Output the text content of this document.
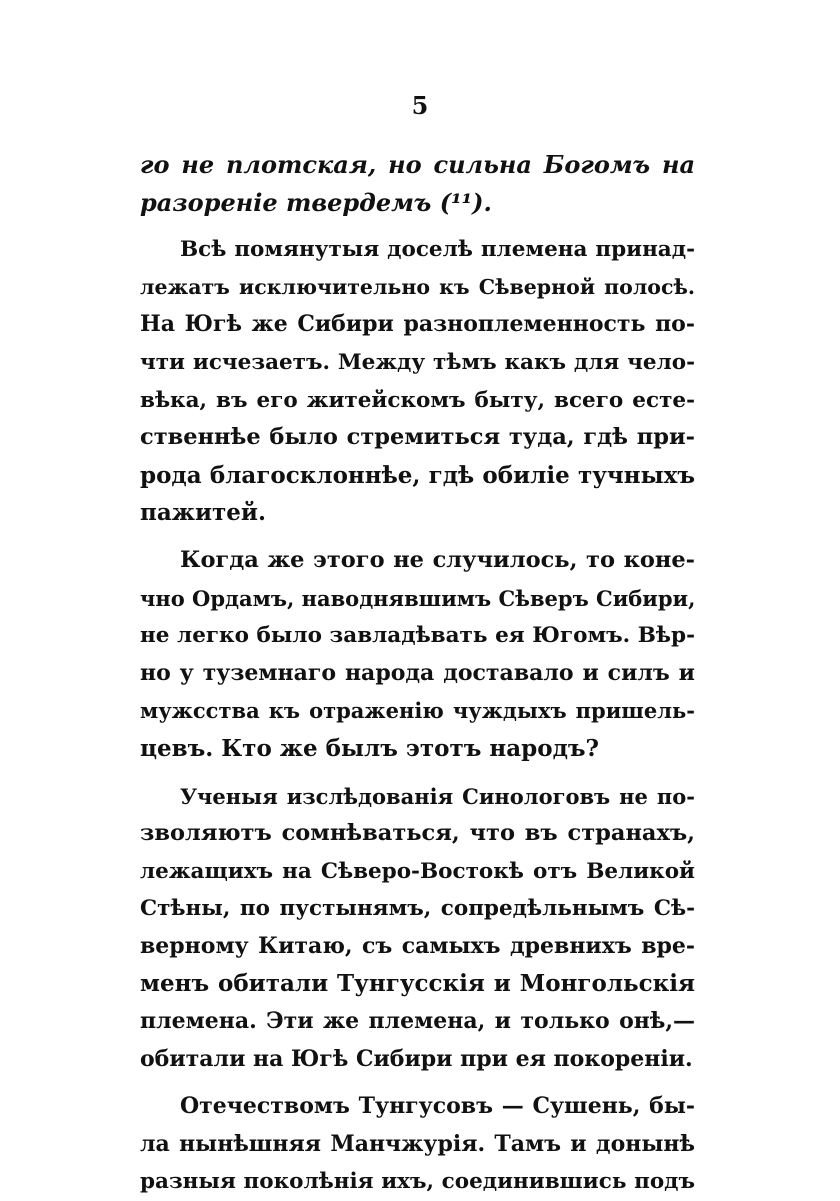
5
го не плотская, но сильна Богомъ на
разореніе твердемъ (¹¹).
Всѣ помянутыя доселѣ племена принад-
лежатъ исключительно къ Сѣверной полосѣ.
На Югѣ же Сибири разноплеменность по-
чти исчезаетъ. Между тѣмъ какъ для чело-
вѣка, въ его житейскомъ быту, всего есте-
ственнѣе было стремиться туда, гдѣ при-
рода благосклоннѣе, гдѣ обиліе тучныхъ
пажитей.
Когда же этого не случилось, то коне-
чно Ордамъ, наводнявшимъ Сѣверъ Сибири,
не легко было завладѣвать ея Югомъ. Вѣр-
но у туземнаго народа доставало и силъ и
мужсства къ отраженію чуждыхъ пришель-
цевъ. Кто же былъ этотъ народъ?
Ученыя изслѣдованія Синологовъ не по-
зволяютъ сомнѣваться, что въ странахъ,
лежащихъ на Сѣверо-Востокѣ отъ Великой
Стѣны, по пустынямъ, сопредѣльнымъ Сѣ-
верному Китаю, съ самыхъ древнихъ вре-
менъ обитали Тунгусскія и Монгольскія
племена. Эти же племена, и только онѣ,—
обитали на Югѣ Сибири при ея покореніи.
Отечествомъ Тунгусовъ — Сушень, бы-
ла нынѣшняя Манчжурія. Тамъ и донынѣ
разныя поколѣнія ихъ, соединившись подъ
